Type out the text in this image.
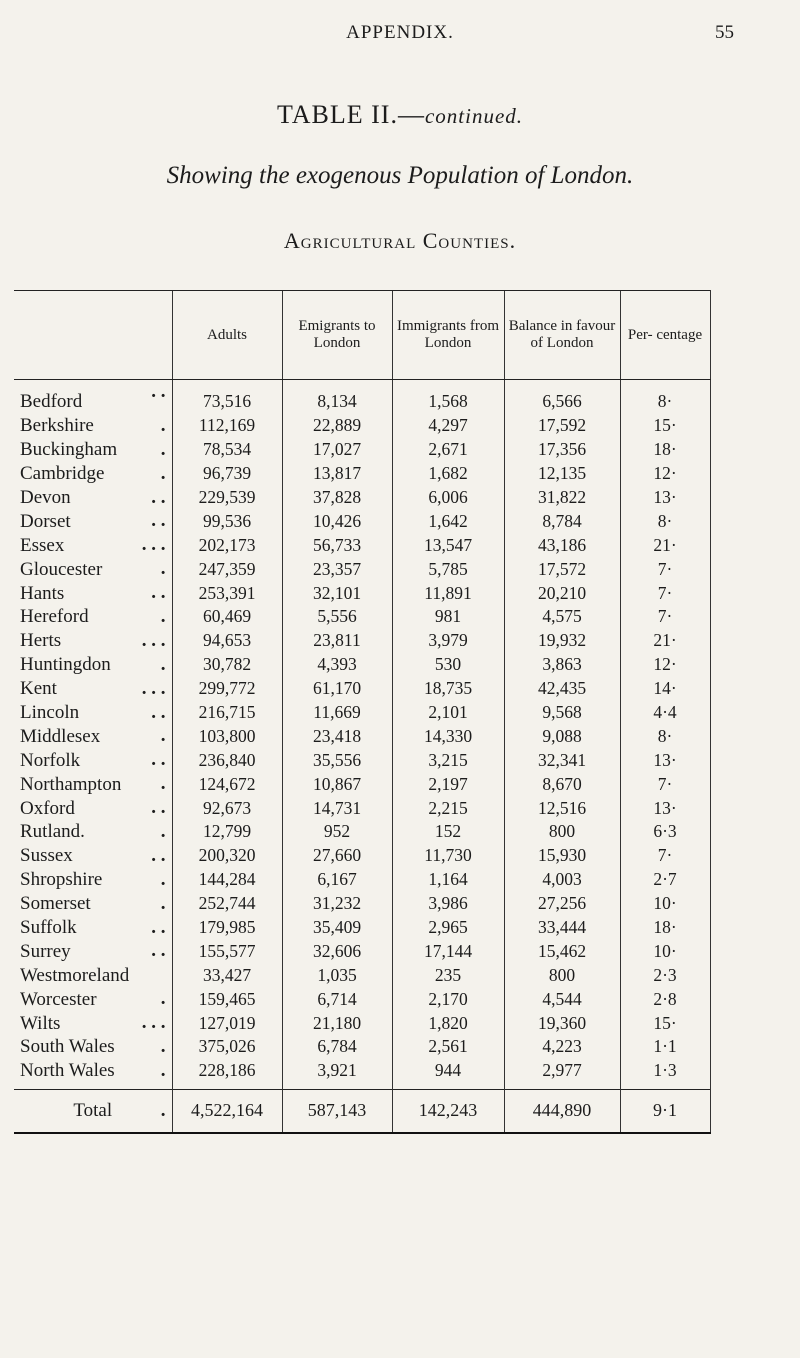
APPENDIX.	55
TABLE II.—continued.
Showing the exogenous Population of London.
Agricultural Counties.
	Adults	Emigrants to London	Immigrants from London	Balance in favour of London	Per- centage
Bedford . .	73,516	8,134	1,568	6,566	8·
Berkshire .	112,169	22,889	4,297	17,592	15·
Buckingham .	78,534	17,027	2,671	17,356	18·
Cambridge .	96,739	13,817	1,682	12,135	12·
Devon . .	229,539	37,828	6,006	31,822	13·
Dorset . .	99,536	10,426	1,642	8,784	8·
Essex . . .	202,173	56,733	13,547	43,186	21·
Gloucester .	247,359	23,357	5,785	17,572	7·
Hants . .	253,391	32,101	11,891	20,210	7·
Hereford .	60,469	5,556	981	4,575	7·
Herts . . .	94,653	23,811	3,979	19,932	21·
Huntingdon .	30,782	4,393	530	3,863	12·
Kent . . .	299,772	61,170	18,735	42,435	14·
Lincoln . .	216,715	11,669	2,101	9,568	4·4
Middlesex .	103,800	23,418	14,330	9,088	8·
Norfolk . .	236,840	35,556	3,215	32,341	13·
Northampton .	124,672	10,867	2,197	8,670	7·
Oxford . .	92,673	14,731	2,215	12,516	13·
Rutland. .	12,799	952	152	800	6·3
Sussex . .	200,320	27,660	11,730	15,930	7·
Shropshire .	144,284	6,167	1,164	4,003	2·7
Somerset .	252,744	31,232	3,986	27,256	10·
Suffolk . .	179,985	35,409	2,965	33,444	18·
Surrey . .	155,577	32,606	17,144	15,462	10·
Westmoreland	33,427	1,035	235	800	2·3
Worcester .	159,465	6,714	2,170	4,544	2·8
Wilts . . .	127,019	21,180	1,820	19,360	15·
South Wales .	375,026	6,784	2,561	4,223	1·1
North Wales .	228,186	3,921	944	2,977	1·3
Total .	4,522,164	587,143	142,243	444,890	9·1
